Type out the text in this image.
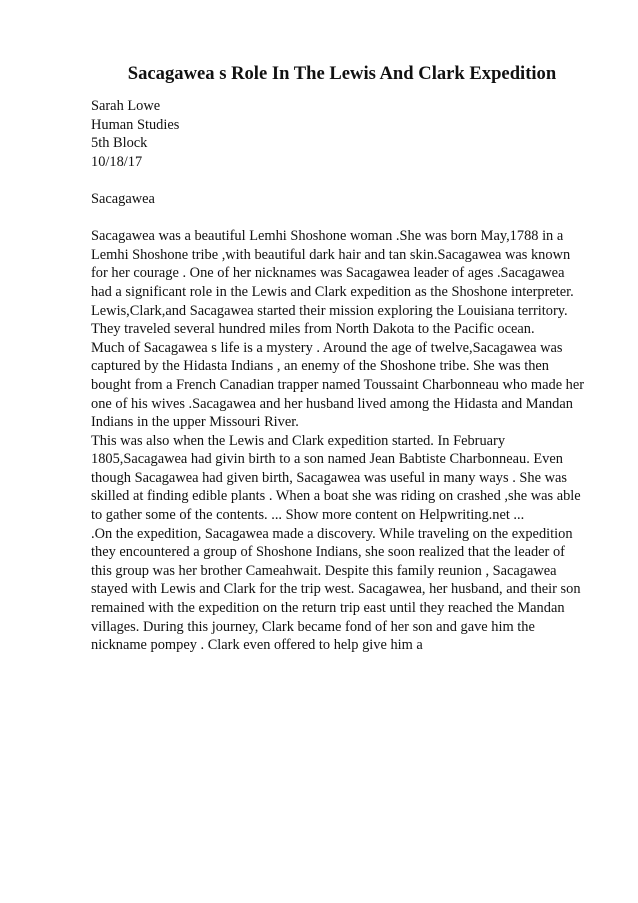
Sacagawea s Role In The Lewis And Clark Expedition
Sarah Lowe
Human Studies
5th Block
10/18/17
Sacagawea
Sacagawea was a beautiful Lemhi Shoshone woman .She was born May,1788 in a
Lemhi Shoshone tribe ,with beautiful dark hair and tan skin.Sacagawea was known
for her courage . One of her nicknames was Sacagawea leader of ages .Sacagawea
had a significant role in the Lewis and Clark expedition as the Shoshone interpreter.
Lewis,Clark,and Sacagawea started their mission exploring the Louisiana territory.
They traveled several hundred miles from North Dakota to the Pacific ocean.
Much of Sacagawea s life is a mystery . Around the age of twelve,Sacagawea was
captured by the Hidasta Indians , an enemy of the Shoshone tribe. She was then
bought from a French Canadian trapper named Toussaint Charbonneau who made her
one of his wives .Sacagawea and her husband lived among the Hidasta and Mandan
Indians in the upper Missouri River.
This was also when the Lewis and Clark expedition started. In February
1805,Sacagawea had givin birth to a son named Jean Babtiste Charbonneau. Even
though Sacagawea had given birth, Sacagawea was useful in many ways . She was
skilled at finding edible plants . When a boat she was riding on crashed ,she was able
to gather some of the contents. ... Show more content on Helpwriting.net ...
.On the expedition, Sacagawea made a discovery. While traveling on the expedition
they encountered a group of Shoshone Indians, she soon realized that the leader of
this group was her brother Cameahwait. Despite this family reunion , Sacagawea
stayed with Lewis and Clark for the trip west. Sacagawea, her husband, and their son
remained with the expedition on the return trip east until they reached the Mandan
villages. During this journey, Clark became fond of her son and gave him the
nickname pompey . Clark even offered to help give him a
